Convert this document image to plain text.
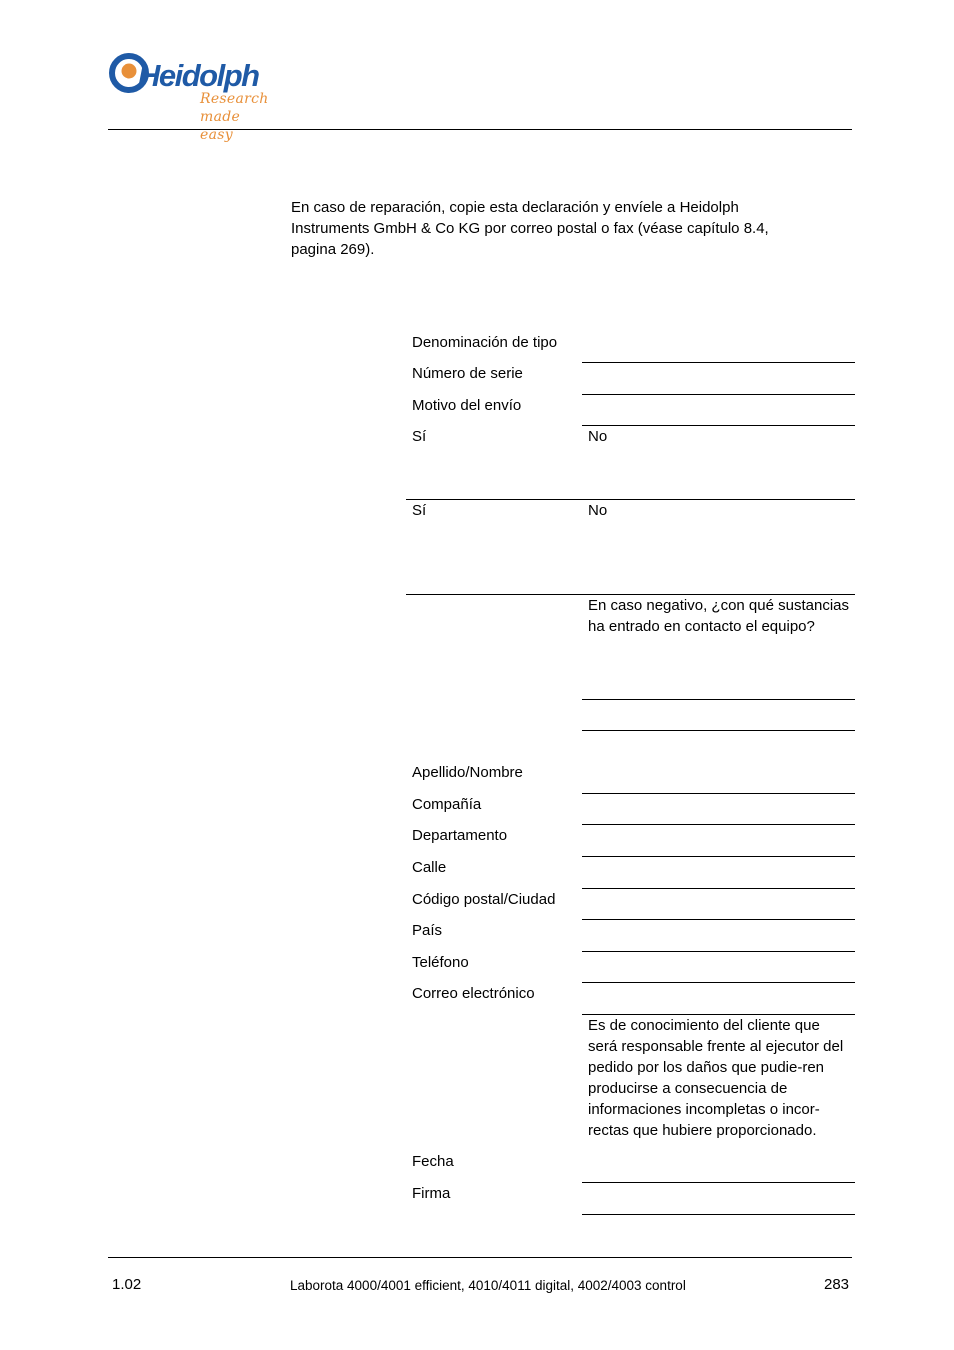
Heidolph
Research made easy
En caso de reparación, copie esta declaración y envíele a Heidolph Instruments GmbH & Co KG por correo postal o fax (véase capítulo 8.4, pagina 269).
Denominación de tipo
Número de serie
Motivo del envío
Sí	No
Sí	No
En caso negativo, ¿con qué sustancias ha entrado en contacto el equipo?
Apellido/Nombre
Compañía
Departamento
Calle
Código postal/Ciudad
País
Teléfono
Correo electrónico
Es de conocimiento del cliente que será responsable frente al ejecutor del pedido por los daños que pudie-ren producirse a consecuencia de informaciones incompletas o incor-rectas que hubiere proporcionado.
Fecha
Firma
1.02	Laborota 4000/4001 efficient, 4010/4011 digital, 4002/4003 control	283
